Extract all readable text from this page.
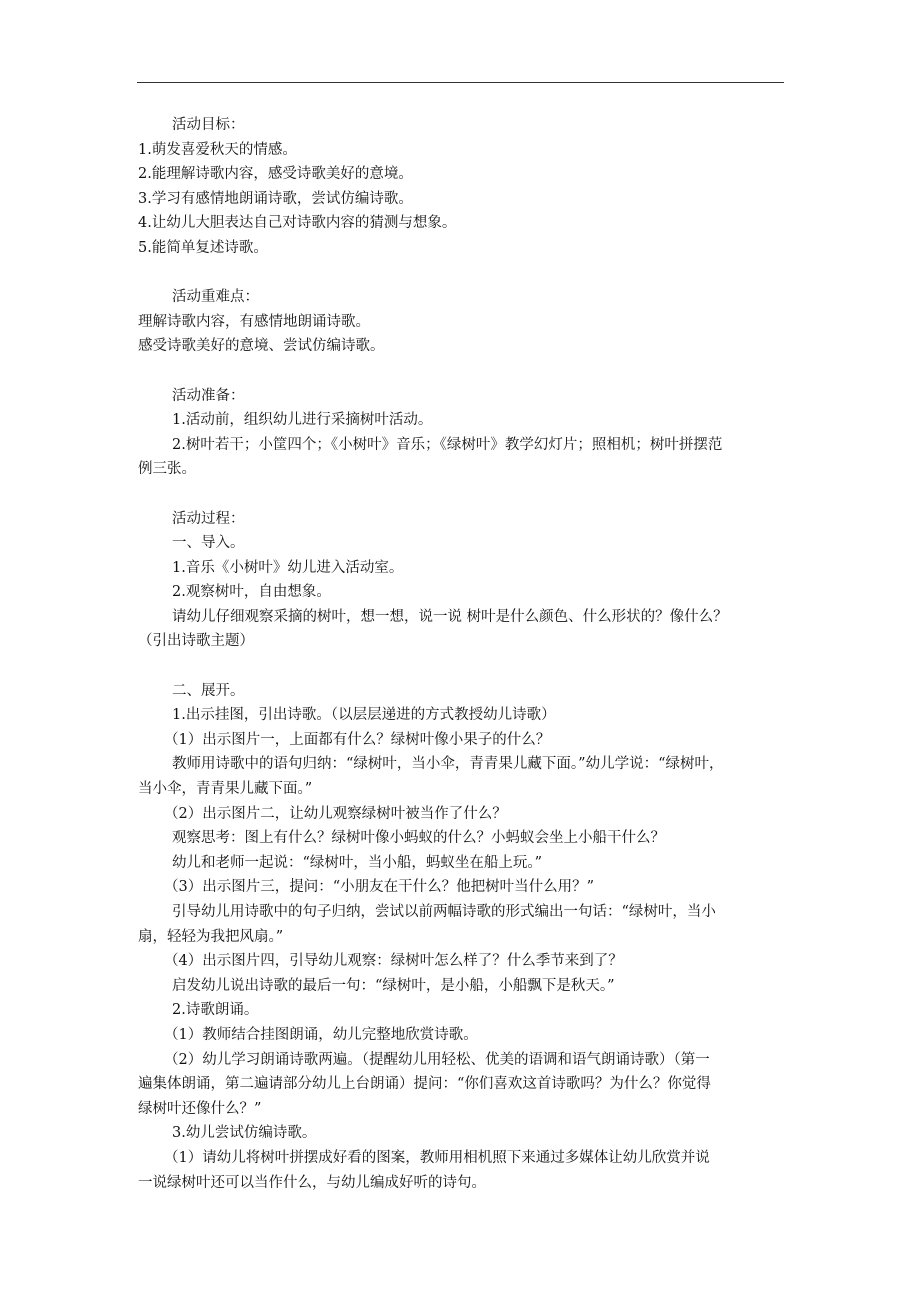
活动目标：
1.萌发喜爱秋天的情感。
2.能理解诗歌内容，感受诗歌美好的意境。
3.学习有感情地朗诵诗歌，尝试仿编诗歌。
4.让幼儿大胆表达自己对诗歌内容的猜测与想象。
5.能简单复述诗歌。
活动重难点：
理解诗歌内容，有感情地朗诵诗歌。
感受诗歌美好的意境、尝试仿编诗歌。
活动准备：
1.活动前，组织幼儿进行采摘树叶活动。
2.树叶若干；小筐四个；《小树叶》音乐；《绿树叶》教学幻灯片；照相机；树叶拼摆范
例三张。
活动过程：
一、导入。
1.音乐《小树叶》幼儿进入活动室。
2.观察树叶，自由想象。
请幼儿仔细观察采摘的树叶，想一想，说一说 树叶是什么颜色、什么形状的？像什么？
（引出诗歌主题）
二、展开。
1.出示挂图，引出诗歌。（以层层递进的方式教授幼儿诗歌）
（1）出示图片一，上面都有什么？绿树叶像小果子的什么？
教师用诗歌中的语句归纳：“绿树叶，当小伞，青青果儿藏下面。”幼儿学说：“绿树叶，
当小伞，青青果儿藏下面。”
（2）出示图片二，让幼儿观察绿树叶被当作了什么？
观察思考：图上有什么？绿树叶像小蚂蚁的什么？小蚂蚁会坐上小船干什么？
幼儿和老师一起说：“绿树叶，当小船，蚂蚁坐在船上玩。”
（3）出示图片三，提问：“小朋友在干什么？他把树叶当什么用？”
引导幼儿用诗歌中的句子归纳，尝试以前两幅诗歌的形式编出一句话：“绿树叶，当小
扇，轻轻为我把风扇。”
（4）出示图片四，引导幼儿观察：绿树叶怎么样了？什么季节来到了？
启发幼儿说出诗歌的最后一句：“绿树叶，是小船，小船飘下是秋天。”
2.诗歌朗诵。
（1）教师结合挂图朗诵，幼儿完整地欣赏诗歌。
（2）幼儿学习朗诵诗歌两遍。（提醒幼儿用轻松、优美的语调和语气朗诵诗歌）（第一
遍集体朗诵，第二遍请部分幼儿上台朗诵）提问：“你们喜欢这首诗歌吗？为什么？你觉得
绿树叶还像什么？”
3.幼儿尝试仿编诗歌。
（1）请幼儿将树叶拼摆成好看的图案，教师用相机照下来通过多媒体让幼儿欣赏并说
一说绿树叶还可以当作什么，与幼儿编成好听的诗句。
